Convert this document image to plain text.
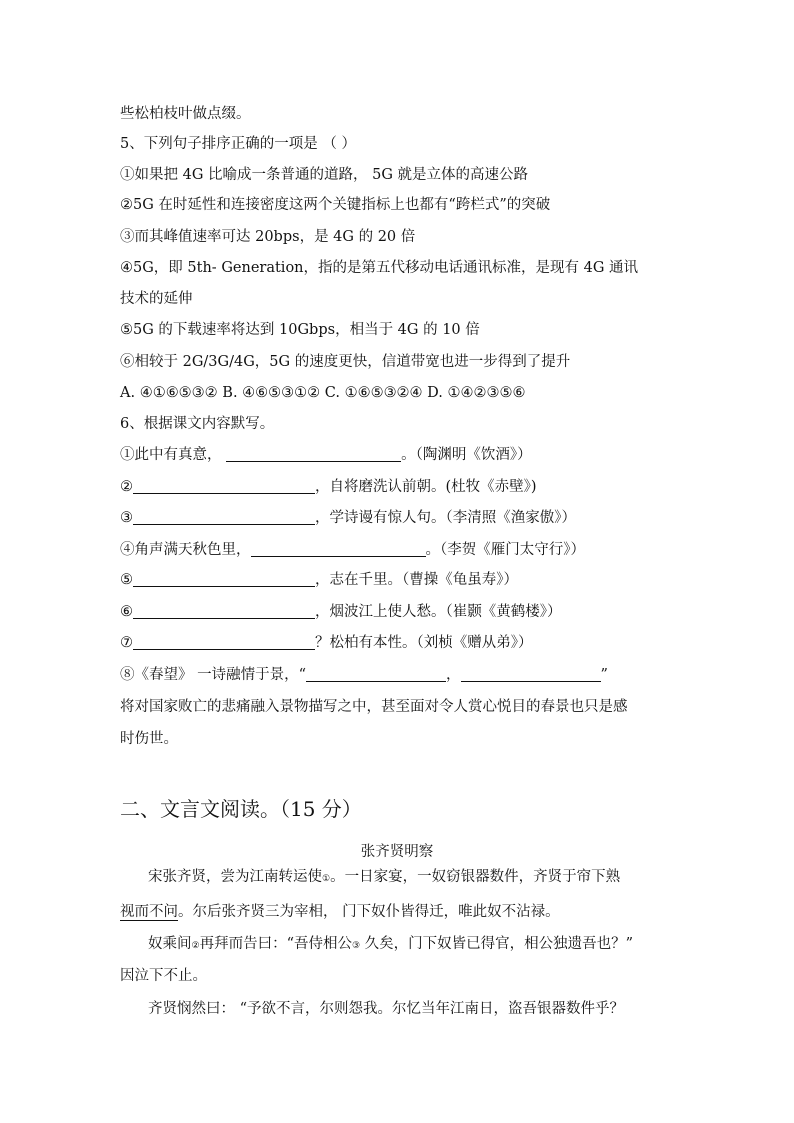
些松柏枝叶做点缀。
5、下列句子排序正确的一项是 （ ）
①如果把 4G 比喻成一条普通的道路， 5G 就是立体的高速公路
②5G 在时延性和连接密度这两个关键指标上也都有“跨栏式”的突破
③而其峰值速率可达 20bps，是 4G 的 20 倍
④5G，即 5th- Generation，指的是第五代移动电话通讯标准，是现有 4G 通讯
技术的延伸
⑤5G 的下载速率将达到 10Gbps，相当于 4G 的 10 倍
⑥相较于 2G/3G/4G，5G 的速度更快，信道带宽也进一步得到了提升
A. ④①⑥⑤③② B. ④⑥⑤③①② C. ①⑥⑤③②④ D. ①④②③⑤⑥
6、根据课文内容默写。
①此中有真意，	。（陶渊明《饮酒》）
②	，自将磨洗认前朝。(杜牧《赤壁》)
③	，学诗谩有惊人句。（李清照《渔家傲》）
④角声满天秋色里，	。（李贺《雁门太守行》）
⑤	，志在千里。（曹操《龟虽寿》）
⑥	，烟波江上使人愁。（崔颢《黄鹤楼》）
⑦	？松柏有本性。（刘桢《赠从弟》）
⑧《春望》 一诗融情于景，“	，	”
将对国家败亡的悲痛融入景物描写之中，甚至面对令人赏心悦目的春景也只是感
时伤世。
二、文言文阅读。（15 分）
张齐贤明察
宋张齐贤，尝为江南转运使①。一日家宴，一奴窃银器数件，齐贤于帘下熟
视而不问。尔后张齐贤三为宰相， 门下奴仆皆得迁，唯此奴不沾禄。
奴乘间②再拜而告曰：“吾侍相公③ 久矣，门下奴皆已得官，相公独遗吾也？”
因泣下不止。
齐贤悯然曰： “予欲不言，尔则怨我。尔忆当年江南日，盗吾银器数件乎？
